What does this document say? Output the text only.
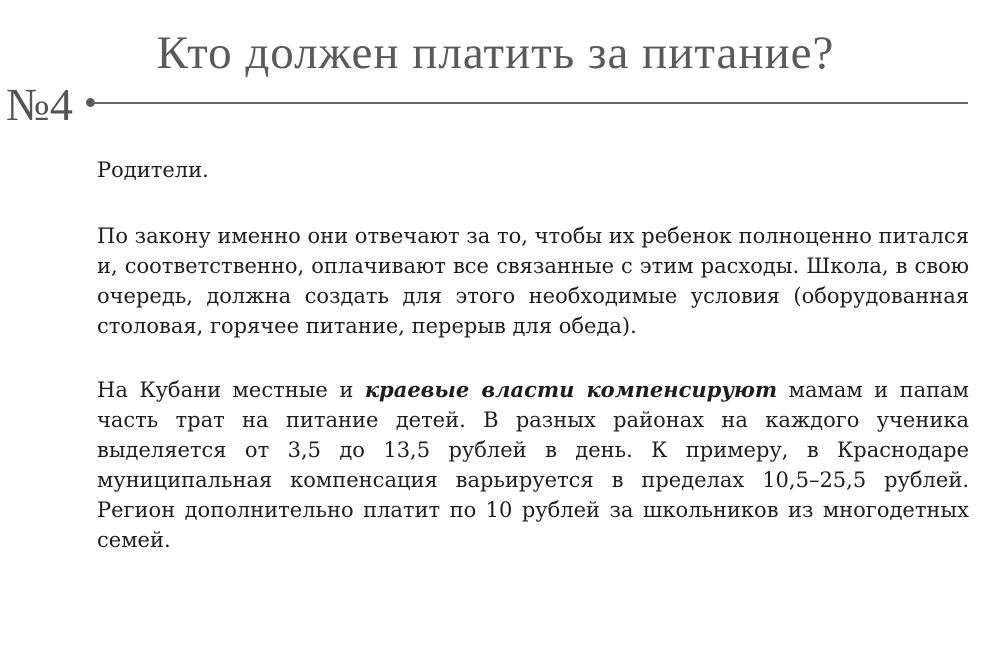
Кто должен платить за питание?
№4

Родители.

По закону именно они отвечают за то, чтобы их ребенок полноценно питался и, соответственно, оплачивают все связанные с этим расходы. Школа, в свою очередь, должна создать для этого необходимые условия (оборудованная столовая, горячее питание, перерыв для обеда).

На Кубани местные и краевые власти компенсируют мамам и папам часть трат на питание детей. В разных районах на каждого ученика выделяется от 3,5 до 13,5 рублей в день. К примеру, в Краснодаре муниципальная компенсация варьируется в пределах 10,5–25,5 рублей. Регион дополнительно платит по 10 рублей за школьников из многодетных семей.
